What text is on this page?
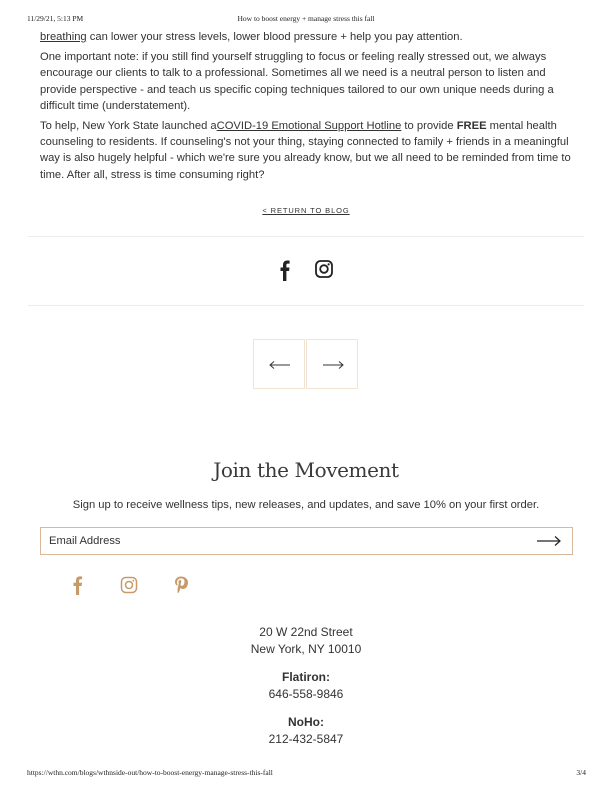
11/29/21, 5:13 PM	How to boost energy + manage stress this fall

breathing can lower your stress levels, lower blood pressure + help you pay attention.

One important note: if you still find yourself struggling to focus or feeling really stressed out, we always encourage our clients to talk to a professional. Sometimes all we need is a neutral person to listen and provide perspective - and teach us specific coping techniques tailored to our own unique needs during a difficult time (understatement).

To help, New York State launched aCOVID-19 Emotional Support Hotline to provide FREE mental health counseling to residents. If counseling's not your thing, staying connected to family + friends in a meaningful way is also hugely helpful - which we're sure you already know, but we all need to be reminded from time to time. After all, stress is time consuming right?

< RETURN TO BLOG
Join the Movement
Sign up to receive wellness tips, new releases, and updates, and save 10% on your first order.
Email Address
20 W 22nd Street
New York, NY 10010
Flatiron:
646-558-9846
NoHo:
212-432-5847
https://wthn.com/blogs/wthnside-out/how-to-boost-energy-manage-stress-this-fall	3/4
